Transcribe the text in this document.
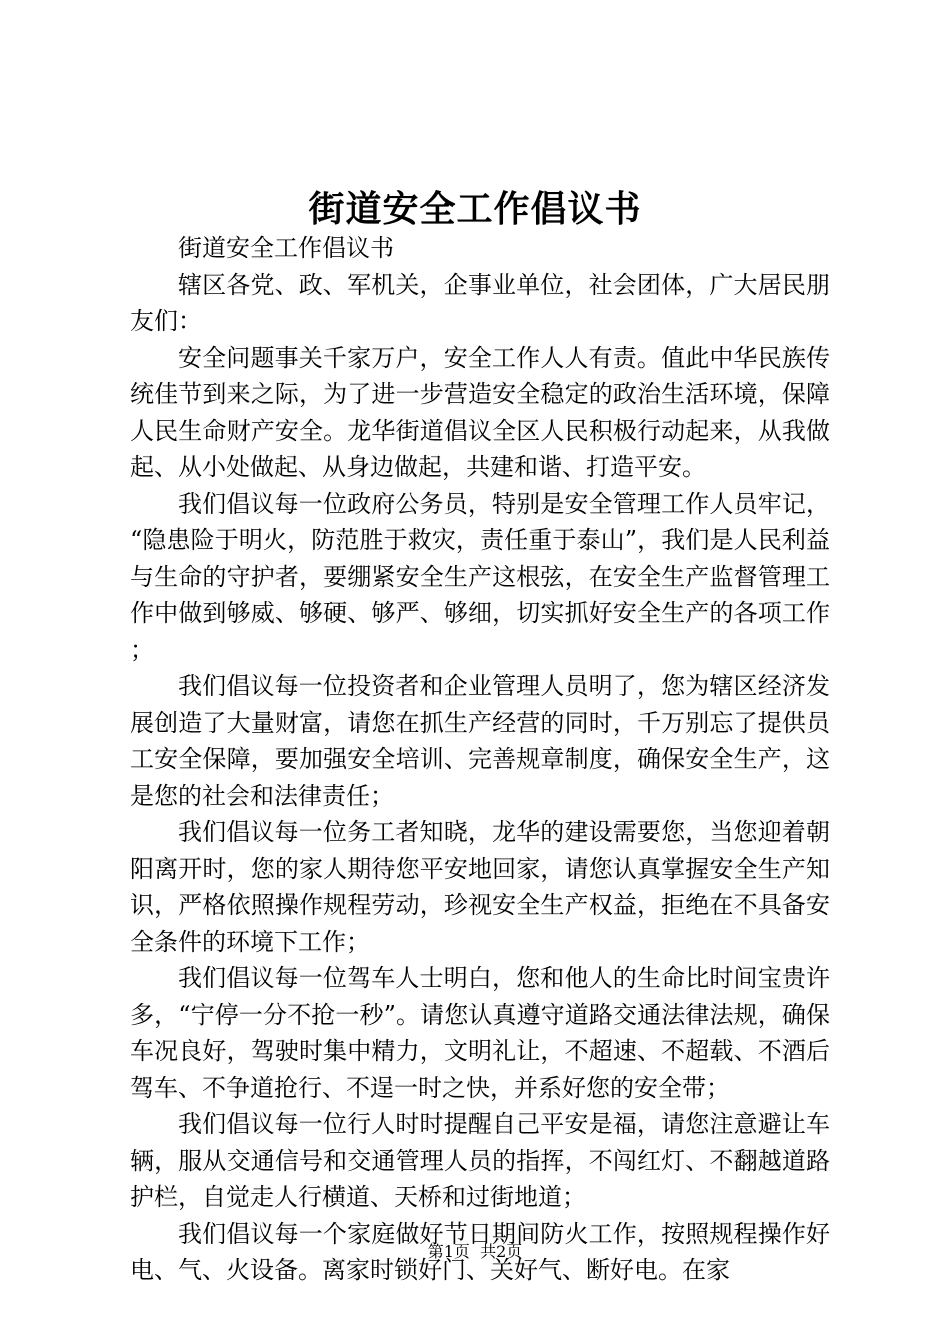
街道安全工作倡议书

街道安全工作倡议书

辖区各党、政、军机关，企事业单位，社会团体，广大居民朋友们：

安全问题事关千家万户，安全工作人人有责。值此中华民族传统佳节到来之际，为了进一步营造安全稳定的政治生活环境，保障人民生命财产安全。龙华街道倡议全区人民积极行动起来，从我做起、从小处做起、从身边做起，共建和谐、打造平安。

我们倡议每一位政府公务员，特别是安全管理工作人员牢记，“隐患险于明火，防范胜于救灾，责任重于泰山”，我们是人民利益与生命的守护者，要绷紧安全生产这根弦，在安全生产监督管理工作中做到够威、够硬、够严、够细，切实抓好安全生产的各项工作；

我们倡议每一位投资者和企业管理人员明了，您为辖区经济发展创造了大量财富，请您在抓生产经营的同时，千万别忘了提供员工安全保障，要加强安全培训、完善规章制度，确保安全生产，这是您的社会和法律责任；

我们倡议每一位务工者知晓，龙华的建设需要您，当您迎着朝阳离开时，您的家人期待您平安地回家，请您认真掌握安全生产知识，严格依照操作规程劳动，珍视安全生产权益，拒绝在不具备安全条件的环境下工作；

我们倡议每一位驾车人士明白，您和他人的生命比时间宝贵许多，“宁停一分不抢一秒”。请您认真遵守道路交通法律法规，确保车况良好，驾驶时集中精力，文明礼让，不超速、不超载、不酒后驾车、不争道抢行、不逞一时之快，并系好您的安全带；

我们倡议每一位行人时时提醒自己平安是福，请您注意避让车辆，服从交通信号和交通管理人员的指挥，不闯红灯、不翻越道路护栏，自觉走人行横道、天桥和过街地道；

我们倡议每一个家庭做好节日期间防火工作，按照规程操作好电、气、火设备。离家时锁好门、关好气、断好电。在家

第1页 共2页
